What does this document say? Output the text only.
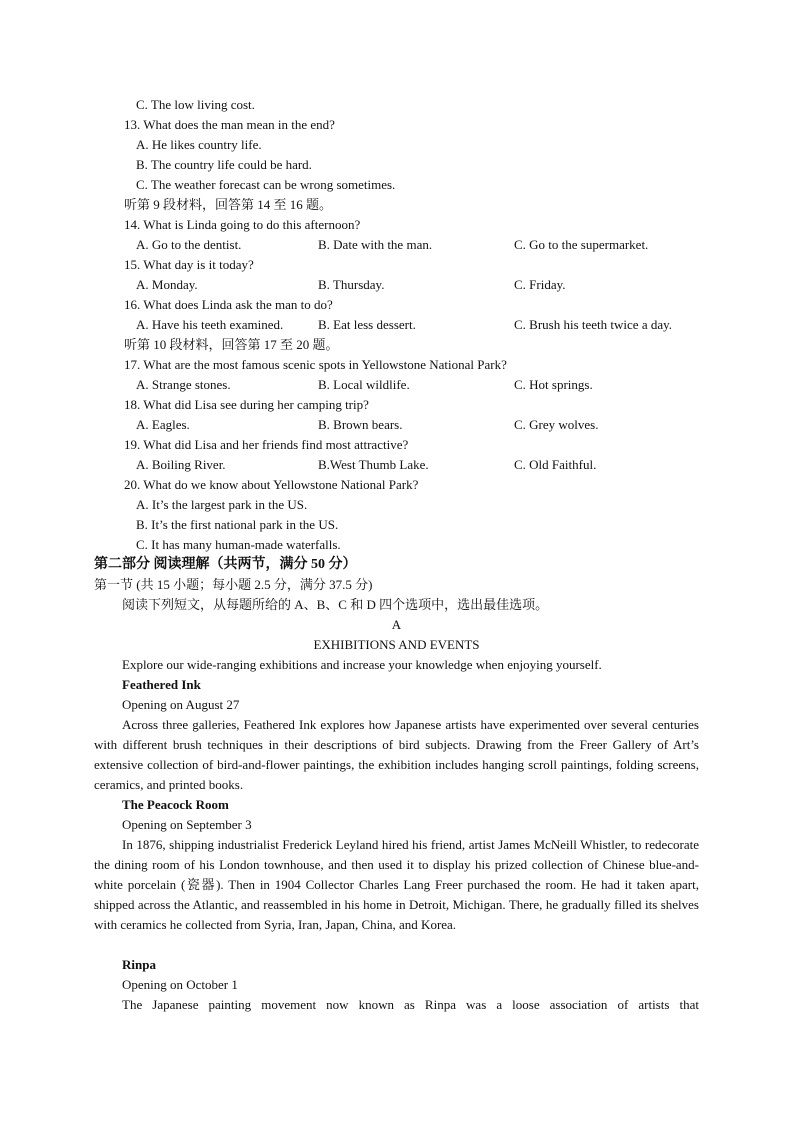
C. The low living cost.
13. What does the man mean in the end?
A. He likes country life.
B. The country life could be hard.
C. The weather forecast can be wrong sometimes.
听第 9 段材料，回答第 14 至 16 题。
14. What is Linda going to do this afternoon?
A. Go to the dentist.	B. Date with the man.	C. Go to the supermarket.
15. What day is it today?
A. Monday.	B. Thursday.	C. Friday.
16. What does Linda ask the man to do?
A. Have his teeth examined.	B. Eat less dessert.	C. Brush his teeth twice a day.
听第 10 段材料，回答第 17 至 20 题。
17. What are the most famous scenic spots in Yellowstone National Park?
A. Strange stones.	B. Local wildlife.	C. Hot springs.
18. What did Lisa see during her camping trip?
A. Eagles.	B. Brown bears.	C. Grey wolves.
19. What did Lisa and her friends find most attractive?
A. Boiling River.	B.West Thumb Lake.	C. Old Faithful.
20. What do we know about Yellowstone National Park?
A. It’s the largest park in the US.
B. It’s the first national park in the US.
C. It has many human-made waterfalls.
第二部分 阅读理解（共两节，满分 50 分）
第一节 (共 15 小题；每小题 2.5 分，满分 37.5 分)
阅读下列短文，从每题所给的 A、B、C 和 D 四个选项中，选出最佳选项。
A
EXHIBITIONS AND EVENTS
Explore our wide-ranging exhibitions and increase your knowledge when enjoying yourself.
Feathered Ink
Opening on August 27
Across three galleries, Feathered Ink explores how Japanese artists have experimented over several centuries with different brush techniques in their descriptions of bird subjects. Drawing from the Freer Gallery of Art’s extensive collection of bird-and-flower paintings, the exhibition includes hanging scroll paintings, folding screens, ceramics, and printed books.
The Peacock Room
Opening on September 3
In 1876, shipping industrialist Frederick Leyland hired his friend, artist James McNeill Whistler, to redecorate the dining room of his London townhouse, and then used it to display his prized collection of Chinese blue-and-white porcelain (瓷器). Then in 1904 Collector Charles Lang Freer purchased the room. He had it taken apart, shipped across the Atlantic, and reassembled in his home in Detroit, Michigan. There, he gradually filled its shelves with ceramics he collected from Syria, Iran, Japan, China, and Korea.
Rinpa
Opening on October 1
The Japanese painting movement now known as Rinpa was a loose association of artists that
